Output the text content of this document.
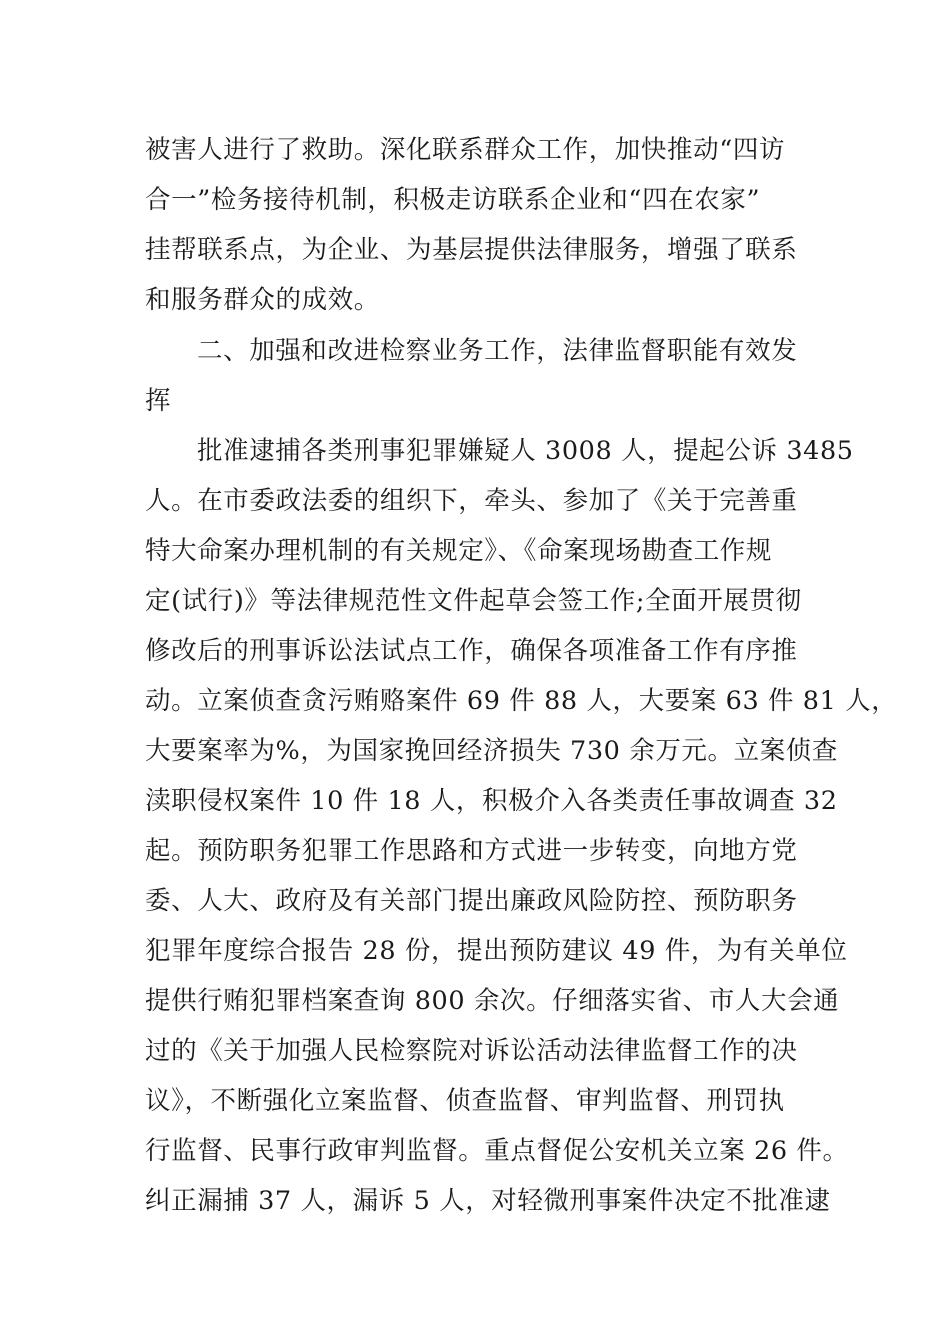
被害人进行了救助。深化联系群众工作，加快推动“四访
合一”检务接待机制，积极走访联系企业和“四在农家”
挂帮联系点，为企业、为基层提供法律服务，增强了联系
和服务群众的成效。
二、加强和改进检察业务工作，法律监督职能有效发
挥
批准逮捕各类刑事犯罪嫌疑人 3008 人，提起公诉 3485
人。在市委政法委的组织下，牵头、参加了《关于完善重
特大命案办理机制的有关规定》、《命案现场勘查工作规
定(试行)》等法律规范性文件起草会签工作;全面开展贯彻
修改后的刑事诉讼法试点工作，确保各项准备工作有序推
动。立案侦查贪污贿赂案件 69 件 88 人，大要案 63 件 81 人，
大要案率为%，为国家挽回经济损失 730 余万元。立案侦查
渎职侵权案件 10 件 18 人，积极介入各类责任事故调查 32
起。预防职务犯罪工作思路和方式进一步转变，向地方党
委、人大、政府及有关部门提出廉政风险防控、预防职务
犯罪年度综合报告 28 份，提出预防建议 49 件，为有关单位
提供行贿犯罪档案查询 800 余次。仔细落实省、市人大会通
过的《关于加强人民检察院对诉讼活动法律监督工作的决
议》，不断强化立案监督、侦查监督、审判监督、刑罚执
行监督、民事行政审判监督。重点督促公安机关立案 26 件。
纠正漏捕 37 人，漏诉 5 人，对轻微刑事案件决定不批准逮
